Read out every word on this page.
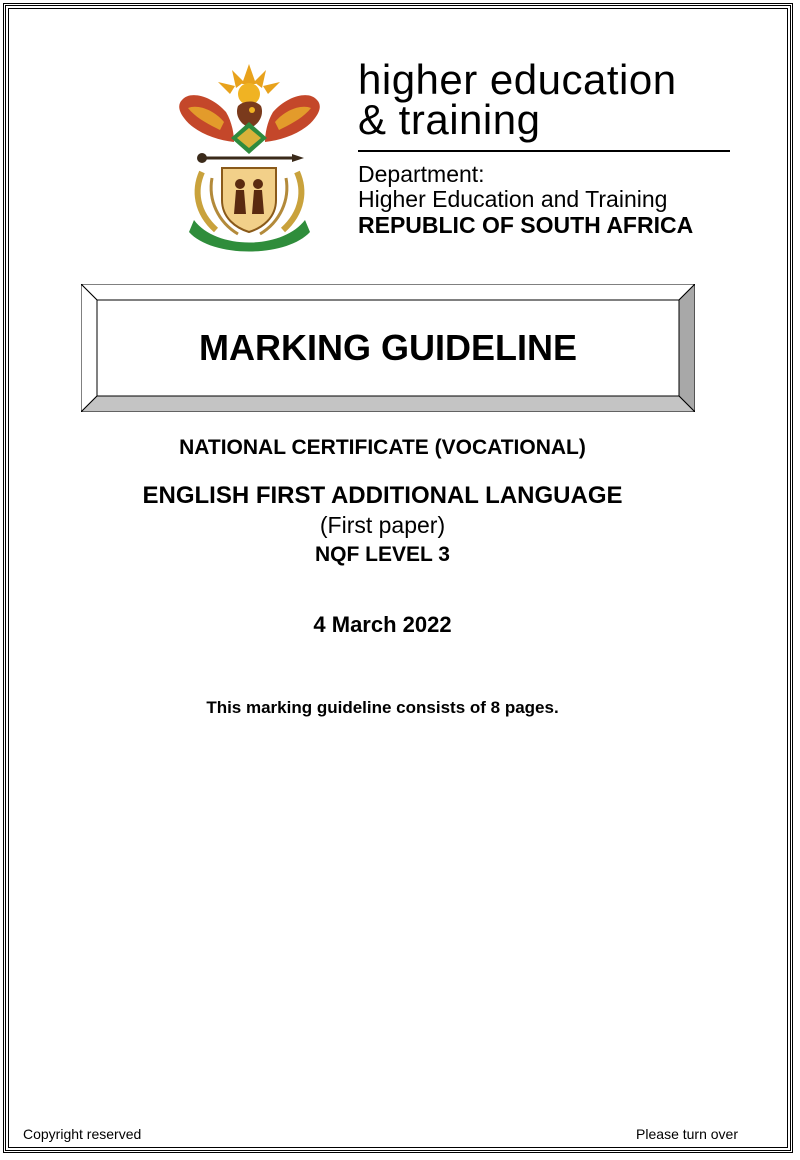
higher education
& training
Department:
Higher Education and Training
REPUBLIC OF SOUTH AFRICA
MARKING GUIDELINE
NATIONAL CERTIFICATE (VOCATIONAL)
ENGLISH FIRST ADDITIONAL LANGUAGE
(First paper)
NQF LEVEL 3
4 March 2022
This marking guideline consists of 8 pages.
Copyright reserved	Please turn over
